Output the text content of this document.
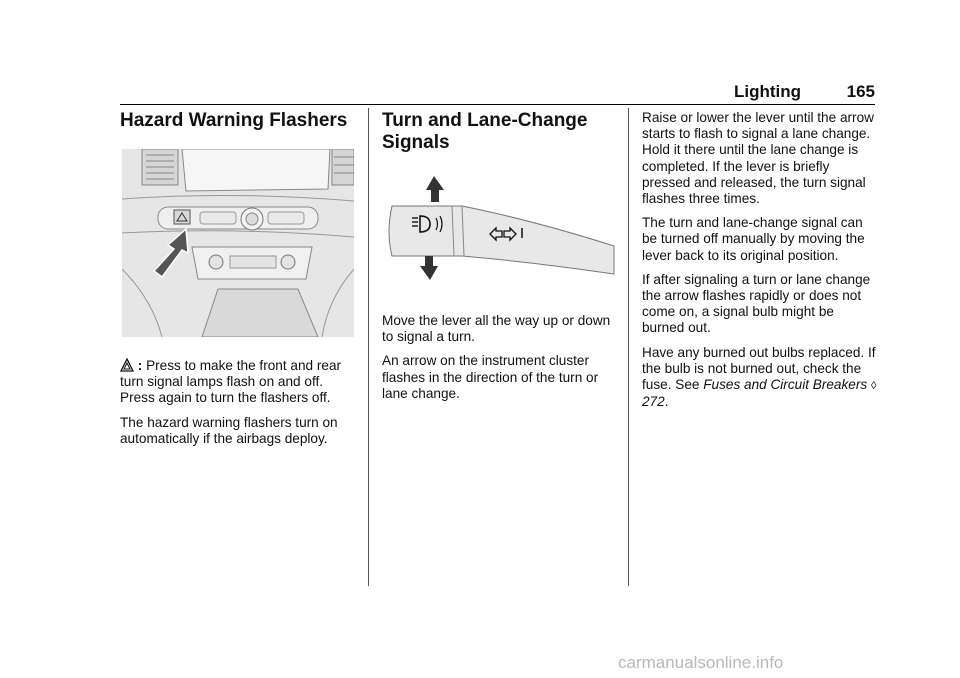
Lighting	165
Hazard Warning Flashers

: Press to make the front and rear turn signal lamps flash on and off. Press again to turn the flashers off.

The hazard warning flashers turn on automatically if the airbags deploy.

Turn and Lane-Change
Signals

Move the lever all the way up or down to signal a turn.

An arrow on the instrument cluster flashes in the direction of the turn or lane change.

Raise or lower the lever until the arrow starts to flash to signal a lane change. Hold it there until the lane change is completed. If the lever is briefly pressed and released, the turn signal flashes three times.

The turn and lane-change signal can be turned off manually by moving the lever back to its original position.

If after signaling a turn or lane change the arrow flashes rapidly or does not come on, a signal bulb might be burned out.

Have any burned out bulbs replaced. If the bulb is not burned out, check the fuse. See Fuses and Circuit Breakers ◊ 272.

carmanualsonline.info
